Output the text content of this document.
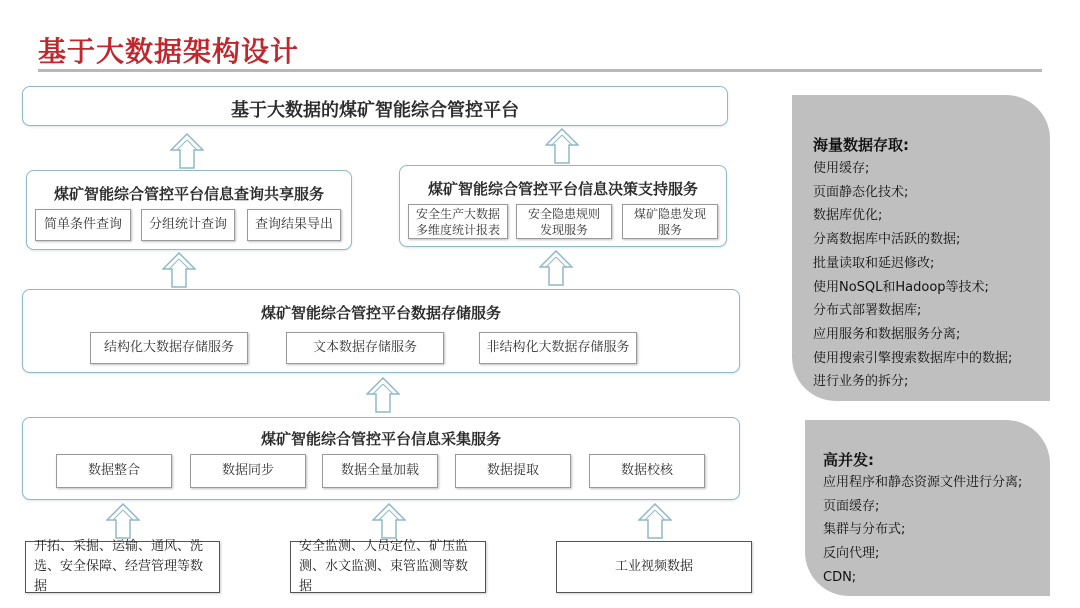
基于大数据架构设计
基于大数据的煤矿智能综合管控平台
煤矿智能综合管控平台信息查询共享服务
简单条件查询	分组统计查询	查询结果导出
煤矿智能综合管控平台信息决策支持服务
安全生产大数据
多维度统计报表
安全隐患规则
发现服务
煤矿隐患发现
服务
煤矿智能综合管控平台数据存储服务
结构化大数据存储服务	文本数据存储服务	非结构化大数据存储服务
煤矿智能综合管控平台信息采集服务
数据整合	数据同步	数据全量加载	数据提取	数据校核
开拓、采掘、运输、通风、洗
选、安全保障、经营管理等数据
安全监测、人员定位、矿压监
测、水文监测、束管监测等数据
工业视频数据
海量数据存取:
使用缓存;
页面静态化技术;
数据库优化;
分离数据库中活跃的数据;
批量读取和延迟修改;
使用NoSQL和Hadoop等技术;
分布式部署数据库;
应用服务和数据服务分离;
使用搜索引擎搜索数据库中的数据;
进行业务的拆分;
高并发:
应用程序和静态资源文件进行分离;
页面缓存;
集群与分布式;
反向代理;
CDN;
